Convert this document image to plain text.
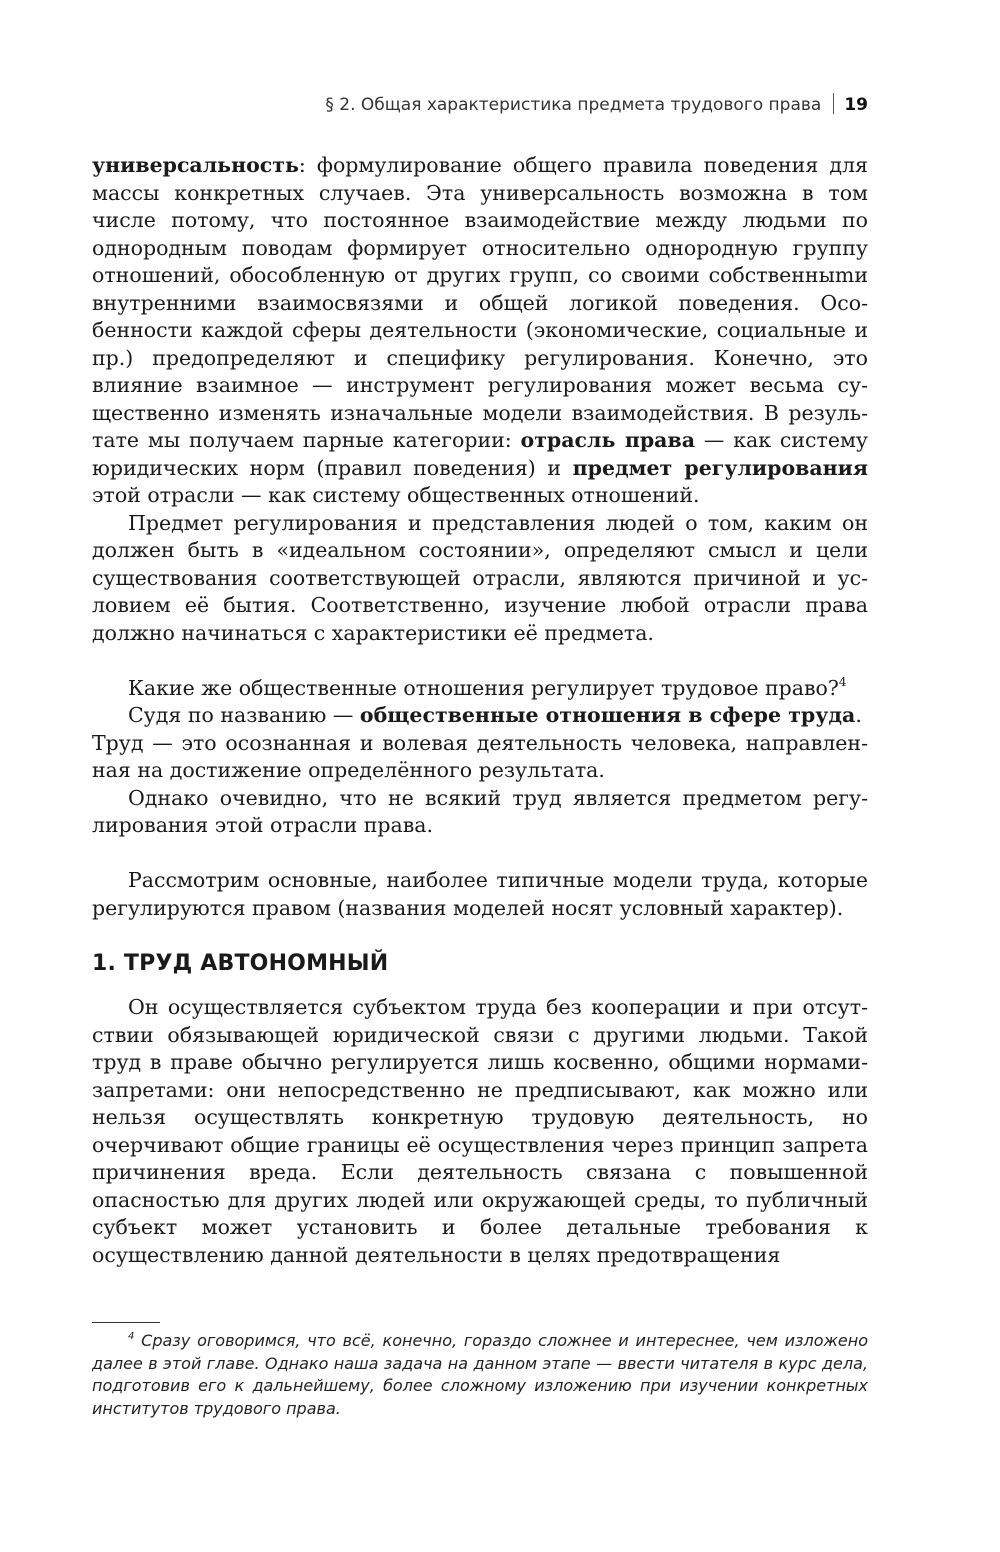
§ 2. Общая характеристика предмета трудового права 19

универсальность: формулирование общего правила поведения для массы конкретных случаев. Эта универсальность возможна в том числе потому, что постоянное взаимодействие между людьми по однородным поводам формирует относительно однородную группу отношений, обособленную от других групп, со своими собственныmи внутренними взаимосвязями и общей логикой поведения. Особенности каждой сферы деятельности (экономические, социальные и пр.) предопределяют и специфику регулирования. Конечно, это влияние взаимное — инструмент регулирования может весьма существенно изменять изначальные модели взаимодействия. В результате мы получаем парные категории: отрасль права — как систему юридических норм (правил поведения) и предмет регулирования этой отрасли — как систему общественных отношений.

Предмет регулирования и представления людей о том, каким он должен быть в «идеальном состоянии», определяют смысл и цели существования соответствующей отрасли, являются причиной и условием её бытия. Соответственно, изучение любой отрасли права должно начинаться с характеристики её предмета.

Какие же общественные отношения регулирует трудовое право?$^4$

Судя по названию — общественные отношения в сфере труда.

Труд — это осознанная и волевая деятельность человека, направленная на достижение определённого результата.

Однако очевидно, что не всякий труд является предметом регулирования этой отрасли права.

Рассмотрим основные, наиболее типичные модели труда, которые регулируются правом (названия моделей носят условный характер).

1. ТРУД АВТОНОМНЫЙ

Он осуществляется субъектом труда без кооперации и при отсутствии обязывающей юридической связи с другими людьми. Такой труд в праве обычно регулируется лишь косвенно, общими нормами-запретами: они непосредственно не предписывают, как можно или нельзя осуществлять конкретную трудовую деятельность, но очерчивают общие границы её осуществления через принцип запрета причинения вреда. Если деятельность связана с повышенной опасностью для других людей или окружающей среды, то публичный субъект может установить и более детальные требования к осуществлению данной деятельности в целях предотвращения

$^4$ Сразу оговоримся, что всё, конечно, гораздо сложнее и интереснее, чем изложено далее в этой главе. Однако наша задача на данном этапе — ввести читателя в курс дела, подготовив его к дальнейшему, более сложному изложению при изучении конкретных институтов трудового права.
